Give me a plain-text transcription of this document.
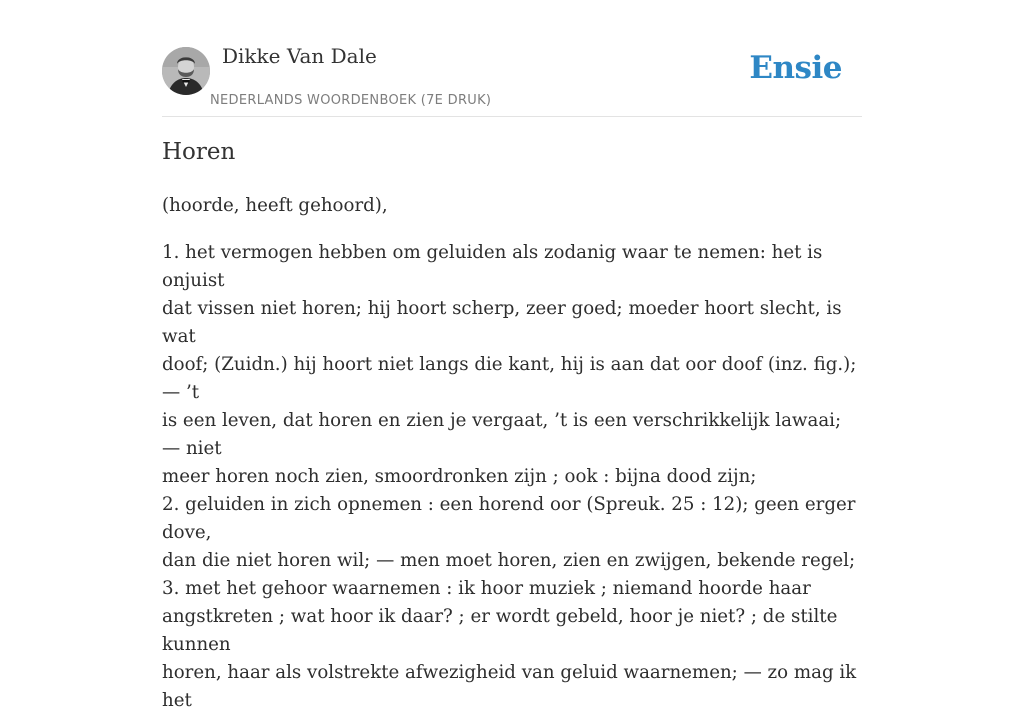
Dikke Van Dale
NEDERLANDS WOORDENBOEK (7E DRUK)
Ensie
Horen

(hoorde, heeft gehoord),

1. het vermogen hebben om geluiden als zodanig waar te nemen: het is onjuist
dat vissen niet horen; hij hoort scherp, zeer goed; moeder hoort slecht, is wat
doof; (Zuidn.) hij hoort niet langs die kant, hij is aan dat oor doof (inz. fig.); — ’t
is een leven, dat horen en zien je vergaat, ’t is een verschrikkelijk lawaai; — niet
meer horen noch zien, smoordronken zijn ; ook : bijna dood zijn;
2. geluiden in zich opnemen : een horend oor (Spreuk. 25 : 12); geen erger dove,
dan die niet horen wil; — men moet horen, zien en zwijgen, bekende regel;
3. met het gehoor waarnemen : ik hoor muziek ; niemand hoorde haar
angstkreten ; wat hoor ik daar? ; er wordt gebeld, hoor je niet? ; de stilte kunnen
horen, haar als volstrekte afwezigheid van geluid waarnemen; — zo mag ik het
